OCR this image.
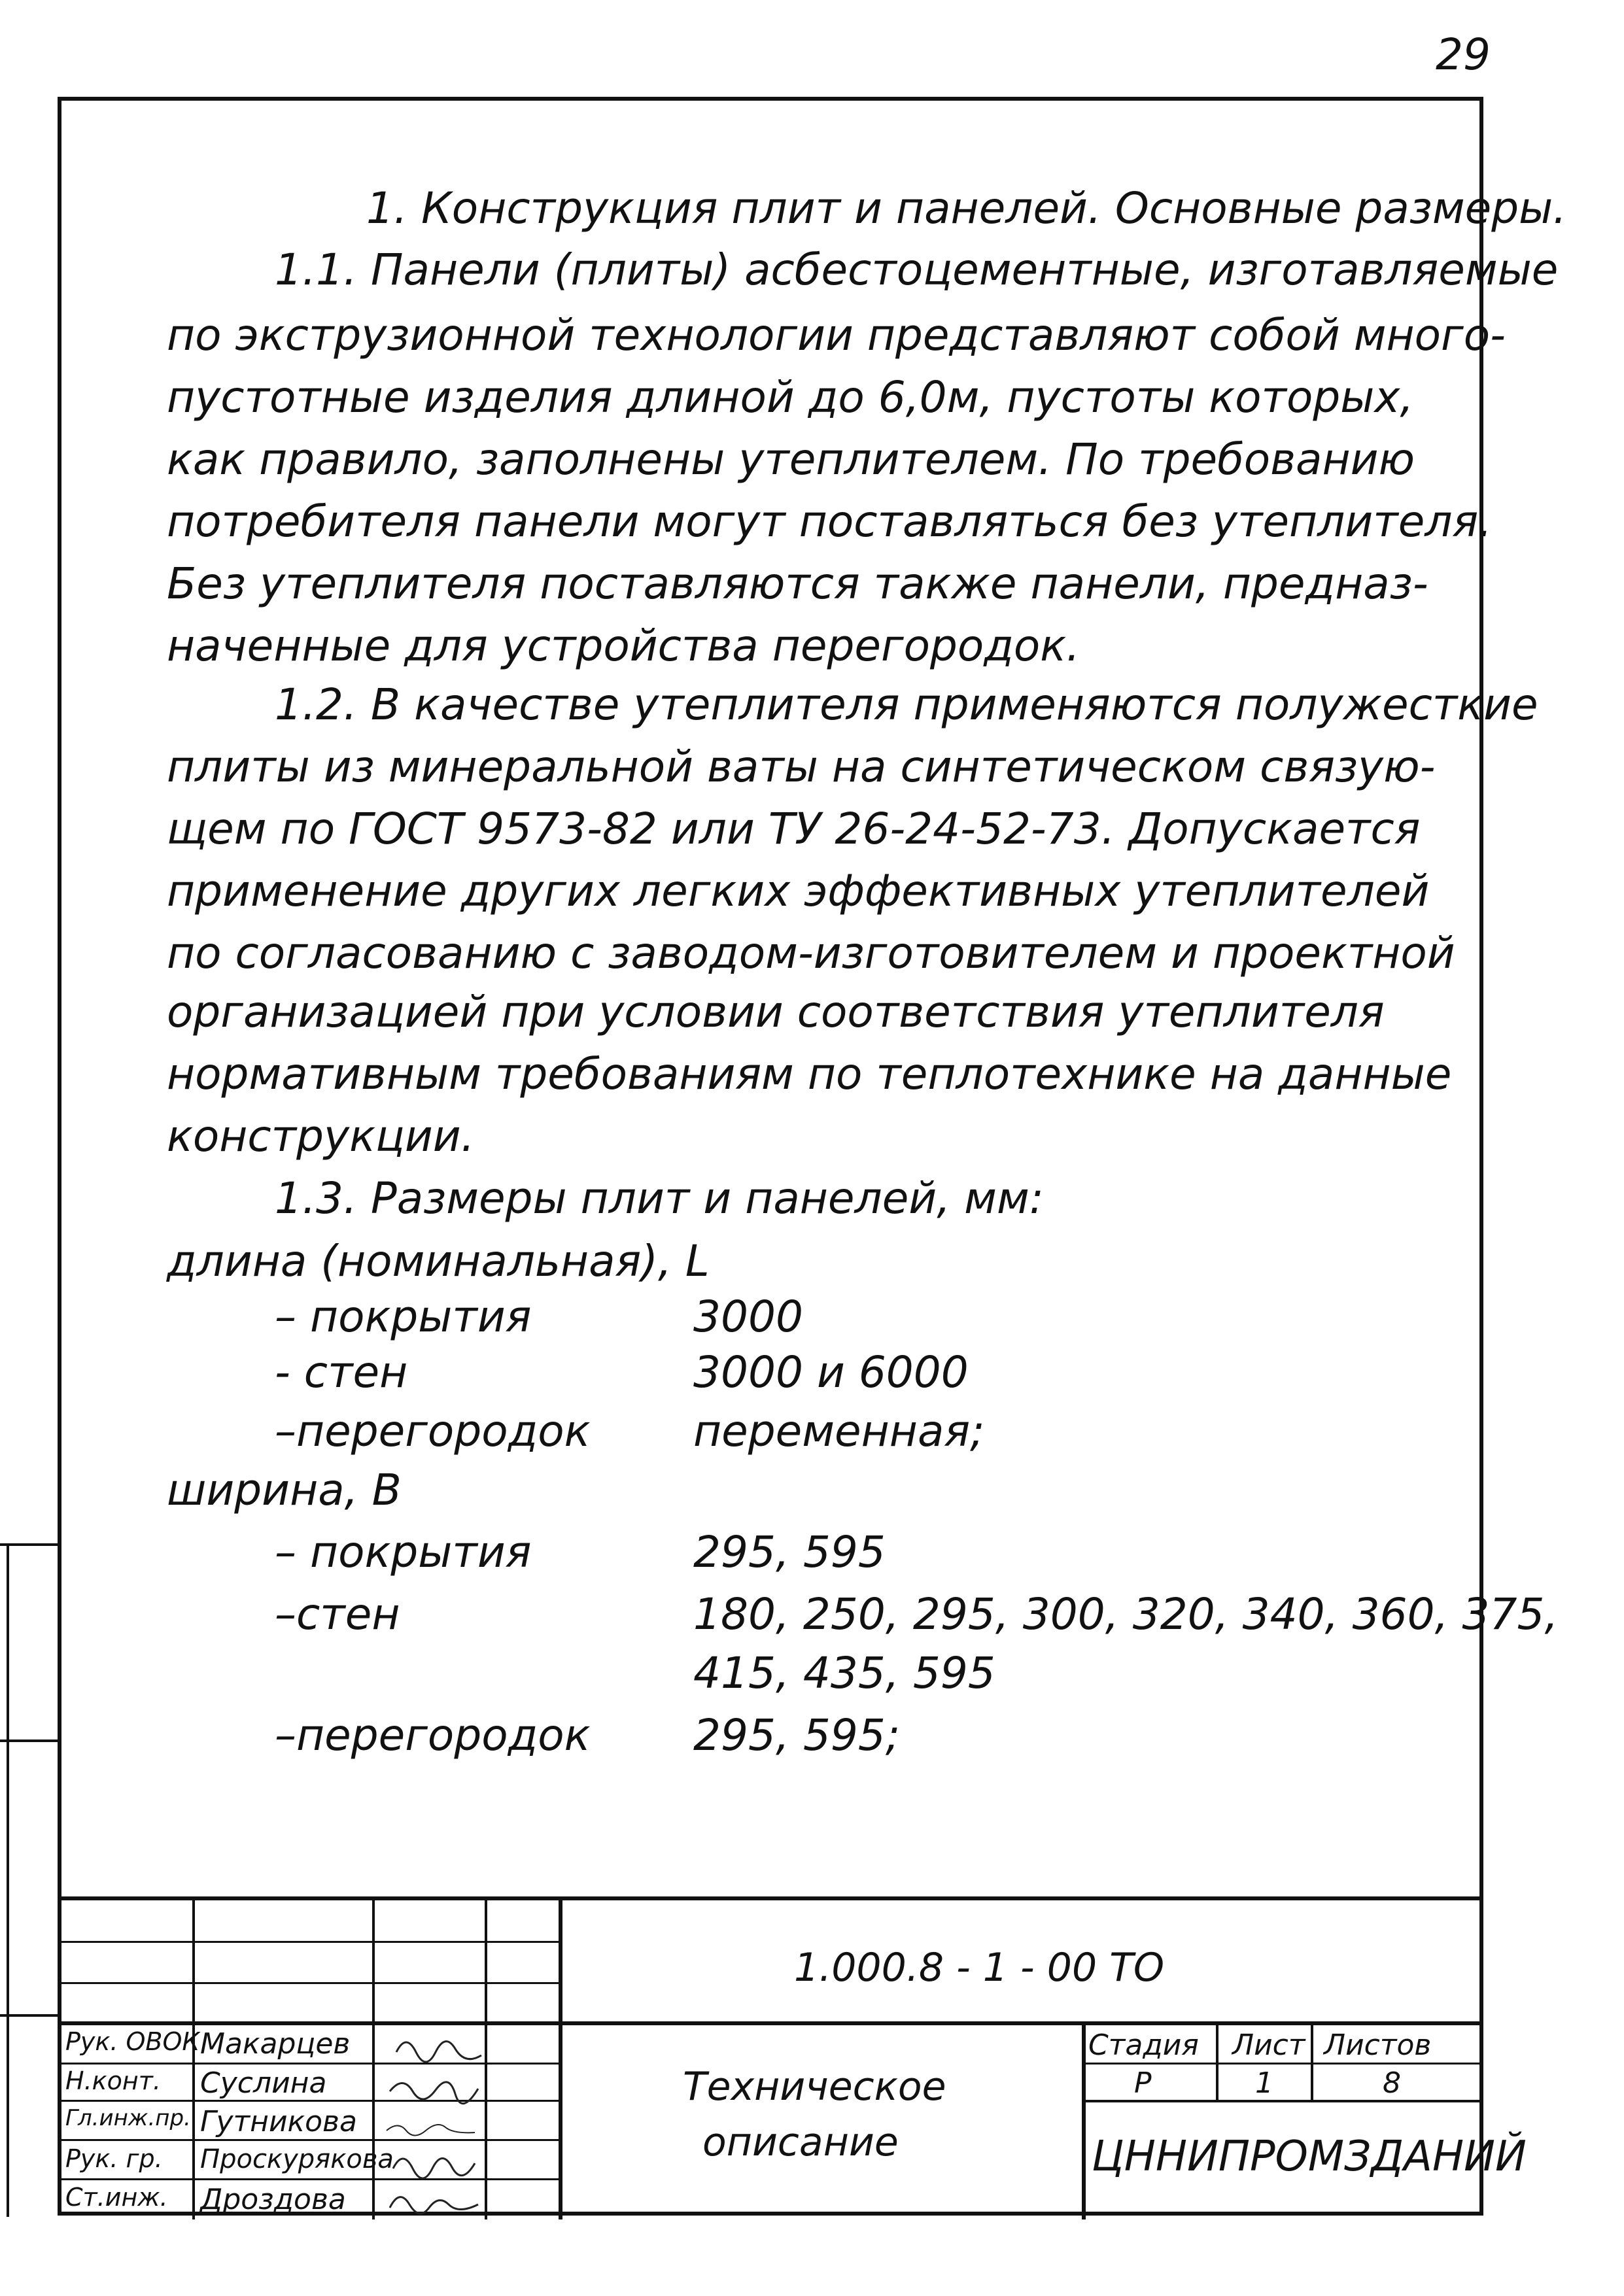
29
1. Конструкция плит и панелей. Основные размеры.
1.1. Панели (плиты) асбестоцементные, изготавляемые
по экструзионной технологии представляют собой много-
пустотные изделия длиной до 6,0м, пустоты которых,
как правило, заполнены утеплителем. По требованию
потребителя панели могут поставляться без утеплителя.
Без утеплителя поставляются также панели, предназ-
наченные для устройства перегородок.
1.2. В качестве утеплителя применяются полужесткие
плиты из минеральной ваты на синтетическом связую-
щем по ГОСТ 9573-82 или ТУ 26-24-52-73. Допускается
применение других легких эффективных утеплителей
по согласованию с заводом-изготовителем и проектной
организацией при условии соответствия утеплителя
нормативным требованиям по теплотехнике на данные
конструкции.
1.3. Размеры плит и панелей, мм:
длина (номинальная), L
– покрытия	3000
- стен	3000 и 6000
–перегородок переменная;
ширина, В
– покрытия	295, 595
–стен	180, 250, 295, 300, 320, 340, 360, 375,
415, 435, 595
–перегородок 295, 595;
1.000.8 - 1 - 00 ТО
Рук. ОВОК Макарцев
Н.конт. Суслина
Гл.инж.пр. Гутникова
Рук. гр. Проскурякова
Ст.инж. Дроздова
Техническое
описание
Стадия Лист Листов
Р	1	8
ЦННИПРОМЗДАНИЙ
